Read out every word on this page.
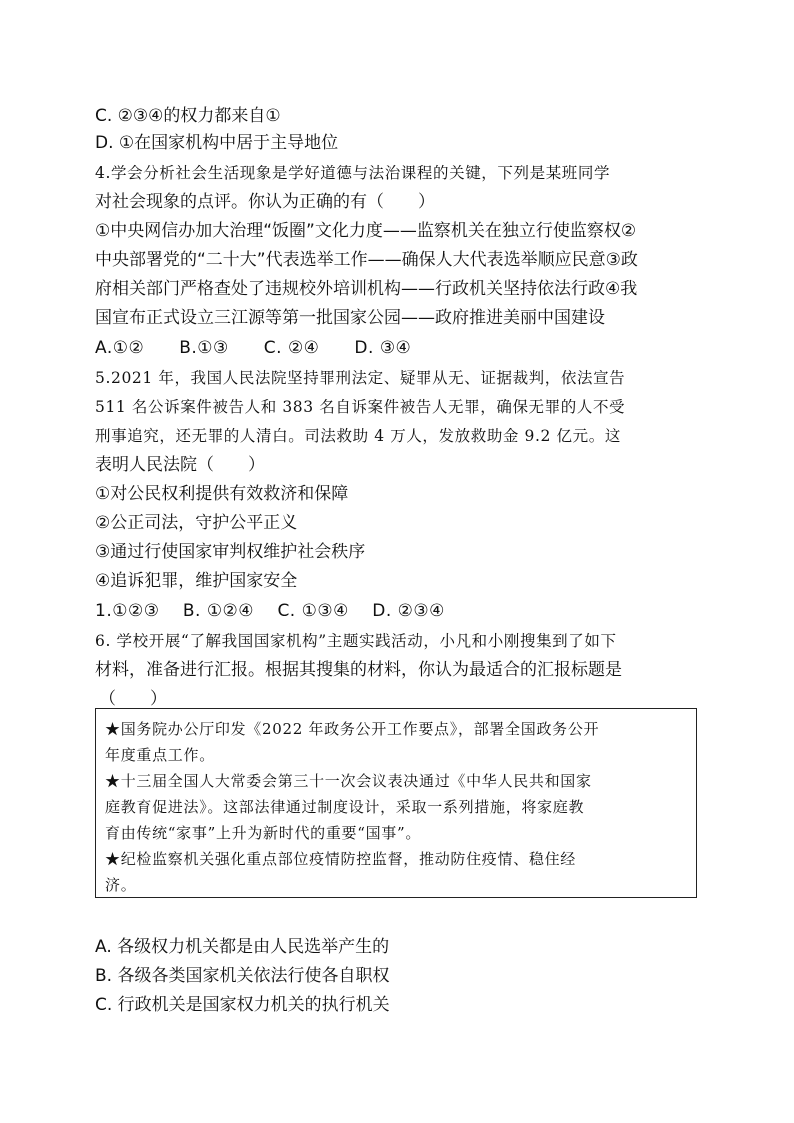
C. ②③④的权力都来自①
D. ①在国家机构中居于主导地位
4.学会分析社会生活现象是学好道德与法治课程的关键，下列是某班同学
对社会现象的点评。你认为正确的有（　　）
①中央网信办加大治理“饭圈”文化力度——监察机关在独立行使监察权②
中央部署党的“二十大”代表选举工作——确保人大代表选举顺应民意③政
府相关部门严格查处了违规校外培训机构——行政机关坚持依法行政④我
国宣布正式设立三江源等第一批国家公园——政府推进美丽中国建设
A.①②　　B.①③　　C. ②④　　D. ③④
5.2021 年，我国人民法院坚持罪刑法定、疑罪从无、证据裁判，依法宣告
511 名公诉案件被告人和 383 名自诉案件被告人无罪，确保无罪的人不受
刑事追究，还无罪的人清白。司法救助 4 万人，发放救助金 9.2 亿元。这
表明人民法院（　　）
①对公民权利提供有效救济和保障
②公正司法，守护公平正义
③通过行使国家审判权维护社会秩序
④追诉犯罪，维护国家安全
1.①②③　 B. ①②④　 C. ①③④　 D. ②③④
6. 学校开展“了解我国国家机构”主题实践活动，小凡和小刚搜集到了如下
材料，准备进行汇报。根据其搜集的材料，你认为最适合的汇报标题是
（　　）
★国务院办公厅印发《2022 年政务公开工作要点》，部署全国政务公开
年度重点工作。
★十三届全国人大常委会第三十一次会议表决通过《中华人民共和国家
庭教育促进法》。这部法律通过制度设计，采取一系列措施，将家庭教
育由传统“家事”上升为新时代的重要“国事”。
★纪检监察机关强化重点部位疫情防控监督，推动防住疫情、稳住经
济。
A. 各级权力机关都是由人民选举产生的
B. 各级各类国家机关依法行使各自职权
C. 行政机关是国家权力机关的执行机关
